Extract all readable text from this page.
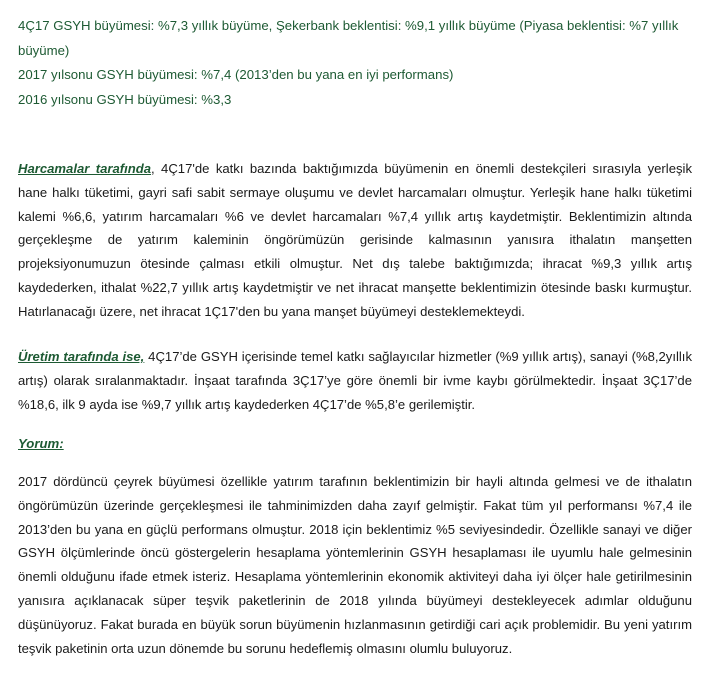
4Ç17 GSYH büyümesi: %7,3 yıllık büyüme, Şekerbank beklentisi: %9,1 yıllık büyüme (Piyasa beklentisi: %7 yıllık büyüme)

2017 yılsonu GSYH büyümesi: %7,4 (2013’den bu yana en iyi performans)

2016 yılsonu GSYH büyümesi: %3,3

Harcamalar tarafında, 4Ç17'de katkı bazında baktığımızda büyümenin en önemli destekçileri sırasıyla yerleşik hane halkı tüketimi, gayri safi sabit sermaye oluşumu ve devlet harcamaları olmuştur. Yerleşik hane halkı tüketimi kalemi %6,6, yatırım harcamaları %6 ve devlet harcamaları %7,4 yıllık artış kaydetmiştir. Beklentimizin altında gerçekleşme de yatırım kaleminin öngörümüzün gerisinde kalmasının yanısıra ithalatın manşetten projeksiyonumuzun ötesinde çalması etkili olmuştur. Net dış talebe baktığımızda; ihracat %9,3 yıllık artış kaydederken, ithalat %22,7 yıllık artış kaydetmiştir ve net ihracat manşette beklentimizin ötesinde baskı kurmuştur. Hatırlanacağı üzere, net ihracat 1Ç17'den bu yana manşet büyümeyi desteklemekteydi.

Üretim tarafında ise, 4Ç17’de GSYH içerisinde temel katkı sağlayıcılar hizmetler (%9 yıllık artış), sanayi (%8,2yıllık artış) olarak sıralanmaktadır. İnşaat tarafında 3Ç17’ye göre önemli bir ivme kaybı görülmektedir. İnşaat 3Ç17’de %18,6, ilk 9 ayda ise %9,7 yıllık artış kaydederken 4Ç17’de %5,8’e gerilemiştir.

Yorum:

2017 dördüncü çeyrek büyümesi özellikle yatırım tarafının beklentimizin bir hayli altında gelmesi ve de ithalatın öngörümüzün üzerinde gerçekleşmesi ile tahminimizden daha zayıf gelmiştir. Fakat tüm yıl performansı %7,4 ile 2013’den bu yana en güçlü performans olmuştur. 2018 için beklentimiz %5 seviyesindedir. Özellikle sanayi ve diğer GSYH ölçümlerinde öncü göstergelerin hesaplama yöntemlerinin GSYH hesaplaması ile uyumlu hale gelmesinin önemli olduğunu ifade etmek isteriz. Hesaplama yöntemlerinin ekonomik aktiviteyi daha iyi ölçer hale getirilmesinin yanısıra açıklanacak süper teşvik paketlerinin de 2018 yılında büyümeyi destekleyecek adımlar olduğunu düşünüyoruz. Fakat burada en büyük sorun büyümenin hızlanmasının getirdiği cari açık problemidir. Bu yeni yatırım teşvik paketinin orta uzun dönemde bu sorunu hedeflemiş olmasını olumlu buluyoruz.
